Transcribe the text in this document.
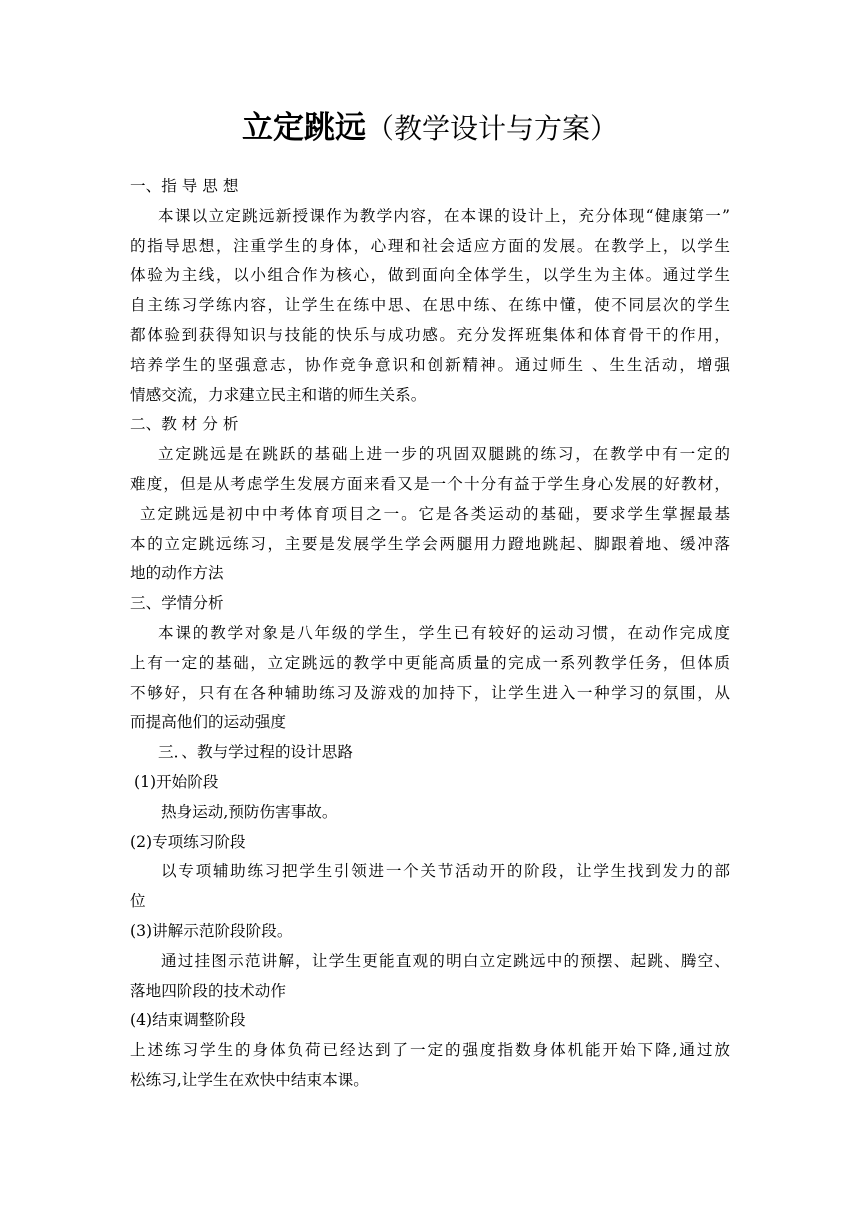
立定跳远（教学设计与方案）
一、指 导 思 想
本课以立定跳远新授课作为教学内容，在本课的设计上，充分体现“健康第一”
的指导思想，注重学生的身体，心理和社会适应方面的发展。在教学上，以学生
体验为主线，以小组合作为核心，做到面向全体学生，以学生为主体。通过学生
自主练习学练内容，让学生在练中思、在思中练、在练中懂，使不同层次的学生
都体验到获得知识与技能的快乐与成功感。充分发挥班集体和体育骨干的作用，
培养学生的坚强意志，协作竞争意识和创新精神。通过师生 、生生活动，增强
情感交流，力求建立民主和谐的师生关系。
二、教 材 分 析
立定跳远是在跳跃的基础上进一步的巩固双腿跳的练习，在教学中有一定的
难度，但是从考虑学生发展方面来看又是一个十分有益于学生身心发展的好教材，
立定跳远是初中中考体育项目之一。它是各类运动的基础，要求学生掌握最基
本的立定跳远练习，主要是发展学生学会两腿用力蹬地跳起、脚跟着地、缓冲落
地的动作方法
三、学情分析
本课的教学对象是八年级的学生，学生已有较好的运动习惯，在动作完成度
上有一定的基础，立定跳远的教学中更能高质量的完成一系列教学任务，但体质
不够好，只有在各种辅助练习及游戏的加持下，让学生进入一种学习的氛围，从
而提高他们的运动强度
三．、教与学过程的设计思路
(1)开始阶段
热身运动,预防伤害事故。
(2)专项练习阶段
以专项辅助练习把学生引领进一个关节活动开的阶段，让学生找到发力的部
位
(3)讲解示范阶段阶段。
通过挂图示范讲解，让学生更能直观的明白立定跳远中的预摆、起跳、腾空、
落地四阶段的技术动作
(4)结束调整阶段
上述练习学生的身体负荷已经达到了一定的强度指数身体机能开始下降,通过放
松练习,让学生在欢快中结束本课。
